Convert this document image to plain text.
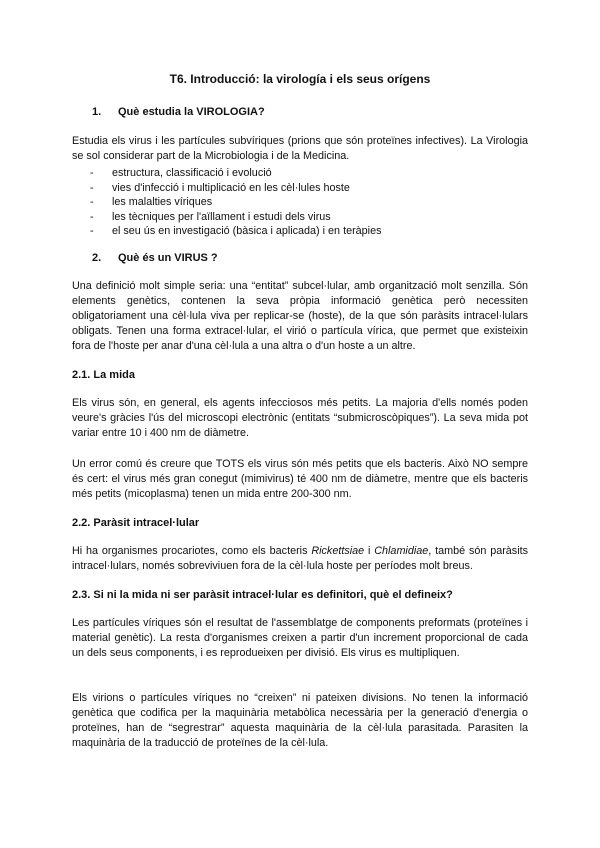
T6. Introducció: la virología i els seus orígens
1. Què estudia la VIROLOGIA?
Estudia els virus i les partícules subvíriques (prions que són proteïnes infectives). La Virologia se sol considerar part de la Microbiologia i de la Medicina.
- estructura, classificació i evolució
- vies d'infecció i multiplicació en les cèl·lules hoste
- les malalties víriques
- les tècniques per l'aïllament i estudi dels virus
- el seu ús en investigació (bàsica i aplicada) i en teràpies
2. Què és un VIRUS ?
Una definició molt simple seria: una “entitat” subcel·lular, amb organització molt senzilla. Són elements genètics, contenen la seva pròpia informació genètica però necessiten obligatoriament una cèl·lula viva per replicar-se (hoste), de la que són paràsits intracel·lulars obligats. Tenen una forma extracel·lular, el virió o partícula vírica, que permet que existeixin fora de l'hoste per anar d'una cèl·lula a una altra o d'un hoste a un altre.
2.1. La mida
Els virus són, en general, els agents infecciosos més petits. La majoria d'ells només poden veure's gràcies l'ús del microscopi electrònic (entitats “submicroscòpiques”). La seva mida pot variar entre 10 i 400 nm de diàmetre.
Un error comú és creure que TOTS els virus són més petits que els bacteris. Això NO sempre és cert: el virus més gran conegut (mimivirus) té 400 nm de diàmetre, mentre que els bacteris més petits (micoplasma) tenen un mida entre 200-300 nm.
2.2. Paràsit intracel·lular
Hi ha organismes procariotes, como els bacteris Rickettsiae i Chlamidiae, també són paràsits intracel·lulars, només sobreviviuen fora de la cèl·lula hoste per períodes molt breus.
2.3. Si ni la mida ni ser paràsit intracel·lular es definitori, què el defineix?
Les partícules víriques són el resultat de l'assemblatge de components preformats (proteïnes i material genètic). La resta d'organismes creixen a partir d'un increment proporcional de cada un dels seus components, i es reprodueixen per divisió. Els virus es multipliquen.
Els virions o partícules víriques no “creixen” ni pateixen divisions. No tenen la informació genètica que codifica per la maquinària metabòlica necessària per la generació d'energia o proteïnes, han de “segrestrar” aquesta maquinària de la cèl·lula parasitada. Parasiten la maquinària de la traducció de proteïnes de la cèl·lula.
